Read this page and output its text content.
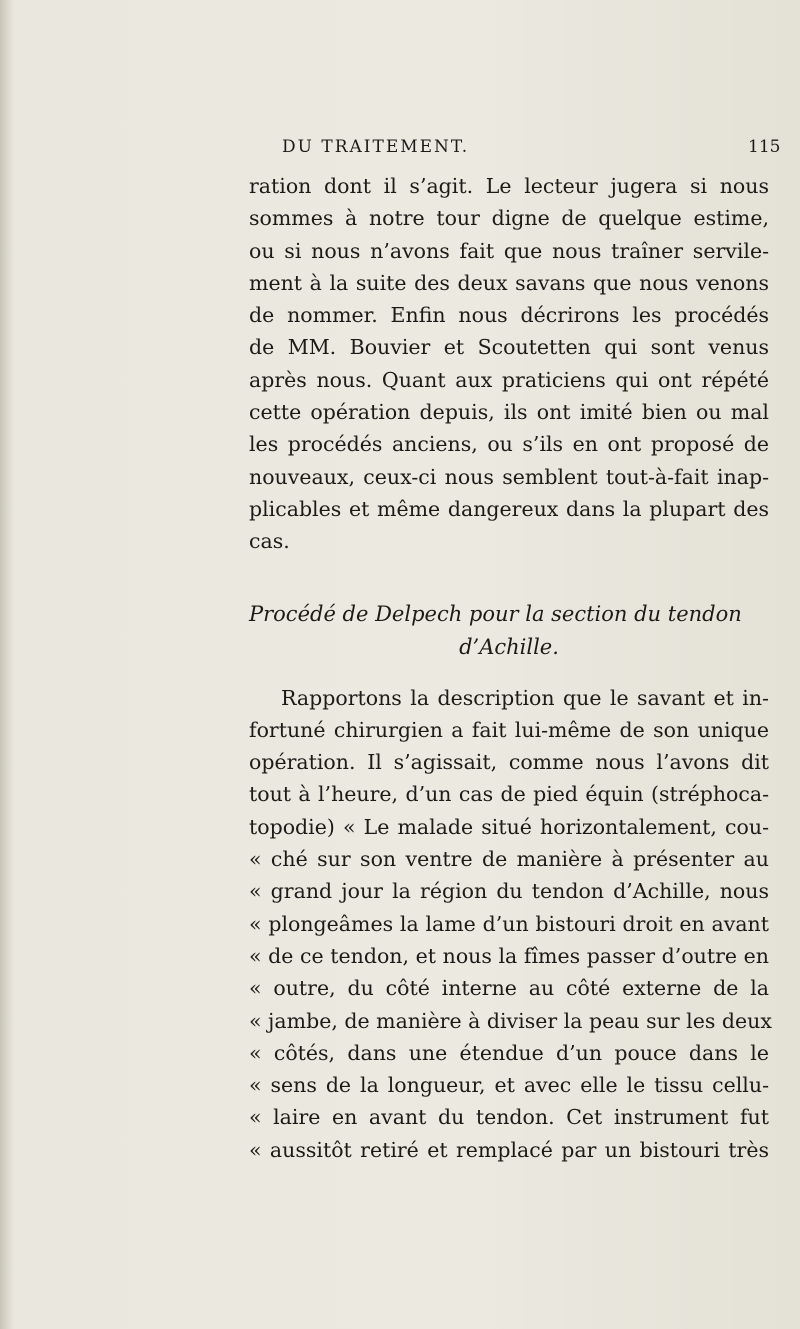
DU TRAITEMENT.	115
ration dont il s’agit. Le lecteur jugera si nous
sommes à notre tour digne de quelque estime,
ou si nous n’avons fait que nous traîner servile-
ment à la suite des deux savans que nous venons
de nommer. Enfin nous décrirons les procédés
de MM. Bouvier et Scoutetten qui sont venus
après nous. Quant aux praticiens qui ont répété
cette opération depuis, ils ont imité bien ou mal
les procédés anciens, ou s’ils en ont proposé de
nouveaux, ceux-ci nous semblent tout-à-fait inap-
plicables et même dangereux dans la plupart des
cas.
Procédé de Delpech pour la section du tendon
d’Achille.
Rapportons la description que le savant et in-
fortuné chirurgien a fait lui-même de son unique
opération. Il s’agissait, comme nous l’avons dit
tout à l’heure, d’un cas de pied équin (stréphoca-
topodie) « Le malade situé horizontalement, cou-
« ché sur son ventre de manière à présenter au
« grand jour la région du tendon d’Achille, nous
« plongeâmes la lame d’un bistouri droit en avant
« de ce tendon, et nous la fîmes passer d’outre en
« outre, du côté interne au côté externe de la
« jambe, de manière à diviser la peau sur les deux
« côtés, dans une étendue d’un pouce dans le
« sens de la longueur, et avec elle le tissu cellu-
« laire en avant du tendon. Cet instrument fut
« aussitôt retiré et remplacé par un bistouri très
